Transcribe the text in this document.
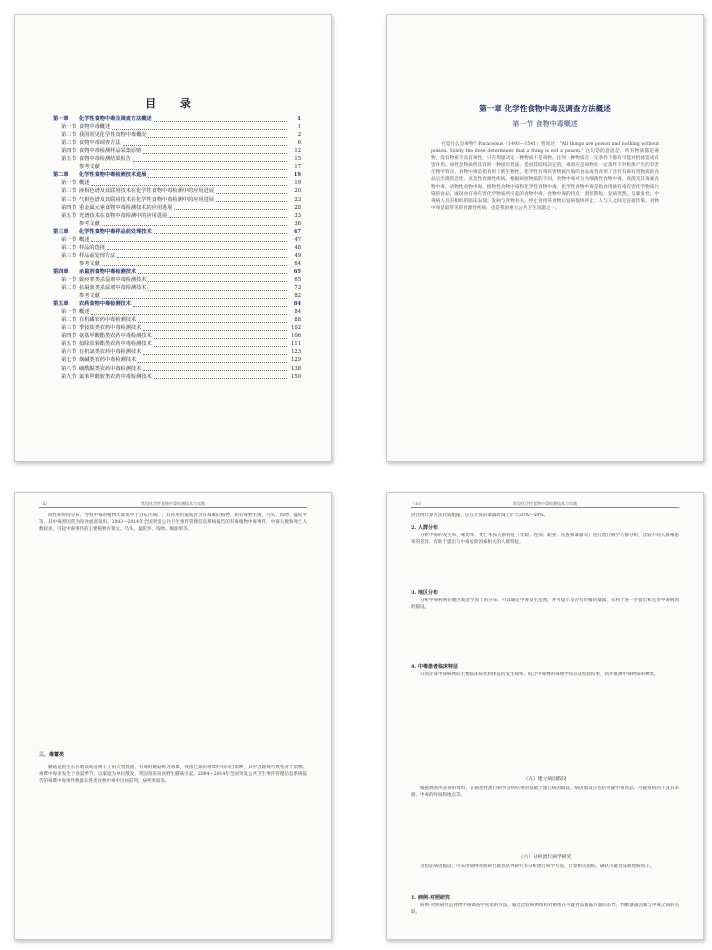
目 录
第一章	化学性食物中毒及调查方法概述	1
第一节 食物中毒概述	1
第二节 我国常见化学性食物中毒概况	2
第三节 食物中毒调查方法	6
第四节 食物中毒检测样品采集原则	12
第五节 食物中毒检测结果报告	15
参考文献	17
第二章	化学性食物中毒检测技术进展	19
第一节 概述	19
第二节 液相色谱及其联用技术在化学性食物中毒检测中的应用进展	20
第三节 气相色谱及其联用技术在化学性食物中毒检测中的应用进展	23
第四节 重金属元素食物中毒检测技术的应用进展	28
第五节 光谱技术在食物中毒检测中的应用进展	33
参考文献	36
第三章	化学性食物中毒样品前处理技术	47
第一节 概述	47
第二节 样品的选择	48
第三节 样品前处理方法	49
参考文献	64
第四章	杀鼠剂食物中毒检测技术	65
第一节 致痉挛类杀鼠剂中毒检测技术	65
第二节 抗凝血类杀鼠剂中毒检测技术	73
参考文献	82
第五章	农药食物中毒检测技术	84
第一节 概述	84
第二节 有机磷农药中毒检测技术	88
第三节 季铵盐类农药中毒检测技术	102
第四节 氨基甲酸酯类农药中毒检测技术	106
第五节 拟除虫菊酯类农药中毒检测技术	111
第六节 有机氯类农药中毒检测技术	123
第七节 烟碱类农药中毒检测技术	129
第八节 磺酰脲类农药中毒检测技术	138
第九节 氯苯甲酰胺类农药中毒检测技术	150
第一章 化学性食物中毒及调查方法概述
第一节 食物中毒概述
究竟什么是毒物？Paracelsus（1493—1541）曾说过："All things are poison and nothing without poison. Solely the dose determines that a thing is not a poison." 这句话的意思是，所有物质都是毒物，没有物质不具有毒性，只有剂量决定一种物质不是毒物。任何一种物质在一定条件下都有可能对机体造成有害作用。毒性是物质所具有的一种固有性质，是由其结构决定的。毒效应是毒物在一定条件下对机体产生的有害生物学效应。食物中毒是指食用了被生物性、化学性有毒有害物质污染的食品或者食用了含有有毒有害物质的食品后出现的急性、亚急性食源性疾病。根据病原物质的不同，食物中毒可分为细菌性食物中毒、真菌及其毒素食物中毒、动物性食物中毒、植物性食物中毒和化学性食物中毒。化学性食物中毒是指食用被有毒有害化学物质污染的食品，或误食有毒有害化学物质所引起的食物中毒。食物中毒的特点：潜伏期短，发病突然，呈暴发性；中毒病人具有相似的临床表现；发病与食物有关，停止食用该食物后发病很快停止；人与人之间无直接传染。食物中毒是最常见的食源性疾病，也是我国重大公共卫生问题之一。
〈4〉	常见化学性食物中毒检测技术与实践
域性和时间分布，导致中毒的植物大都集中于分布区域广、有药用价值或者含有毒素的植物，如有毒野生菌、乌头、钩吻、曼陀罗等，其中毒原因常为误食或者误用。2003—2014年全国突发公共卫生事件管理信息系统报告的有毒植物中毒事件，中毒人数和死亡人数较多，引起中毒事件的主要植物有菜豆、乌头、曼陀罗、钩吻、桐油果等。
三、毒蕈类
蘑菇是指生长在地表或者树干上的大型真菌，有毒的蘑菇称为毒蕈，我国已知的毒蕈约有四百余种，其中含剧毒可致死者十余种。毒蕈中毒多发生于春夏季节，以家庭为单位散发，常因误采误食野生蘑菇引起。2004—2014年全国突发公共卫生事件管理信息系统报告的毒蕈中毒事件数量在各类食物中毒中位居前列，病死率较高。
〈10〉	常见化学性食物中毒检测技术与实践
供比例计算方法比较粗糙，应在计算的暴露时间上扩大20%～50%。
2. 人群分布
分析中毒的发生率、罹患率、死亡率按人群特征（年龄、性别、职业、民族和暴露等）进行流行病学人群分析，比较不同人群罹患率的差异，有助于提出与中毒危险因素相关的人群特征。
3. 地区分布
分析中毒病例在地区或者空间上的分布，可以确定中毒发生范围，并可提示是否有传播的暴露，有利于进一步提出和完善中毒病因的假设。
4. 中毒患者临床特征
分别计算中毒病例的主要临床症状和体征的发生频率，结合中毒物的毒理学特点及检验结果，初步推测中毒物质的种类。
（五）建立病因假设
根据调查所获得的资料，在描述性流行病学分析结果的基础上建立病因假设。病因假设应包括可疑中毒食品、可疑致病因子及其来源、中毒的时间和地点等。
（六）分析流行病学研究
为验证病因假设，可采用病例对照研究或者队列研究等分析流行病学方法，计算相关指标，确认可疑食品和致病因子。
1. 病例-对照研究
病例-对照研究是食物中毒调查中常用的方法，通过比较病例组和对照组在可疑食品暴露方面的差异，判断暴露因素与中毒之间的关联。
